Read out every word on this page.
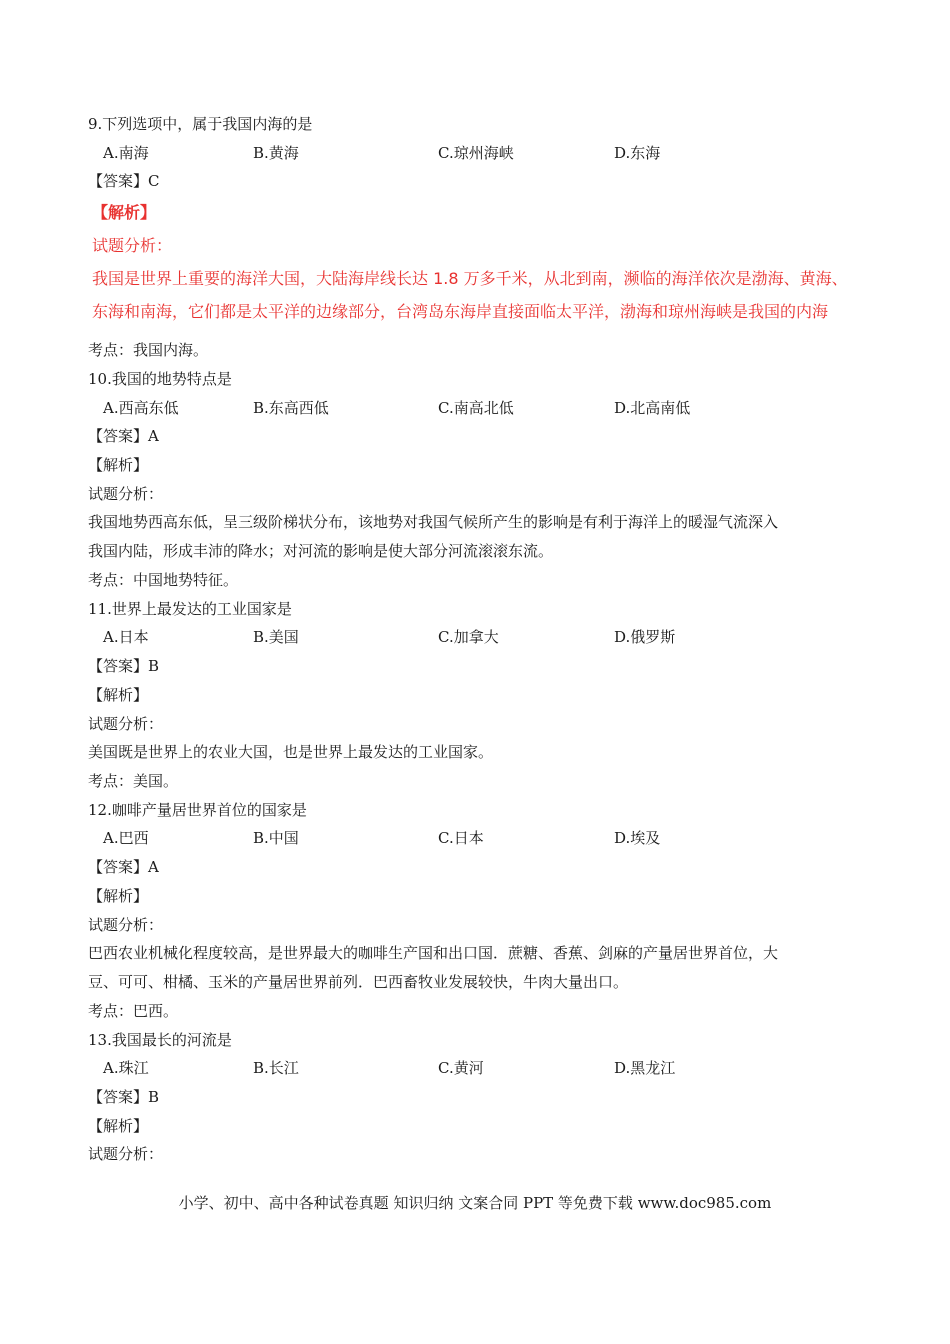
9.下列选项中，属于我国内海的是
A.南海	B.黄海	C.琼州海峡	D.东海
【答案】C
【解析】
试题分析：
我国是世界上重要的海洋大国，大陆海岸线长达 1.8 万多千米，从北到南，濒临的海洋依次是渤海、黄海、
东海和南海，它们都是太平洋的边缘部分，台湾岛东海岸直接面临太平洋，渤海和琼州海峡是我国的内海
考点：我国内海。
10.我国的地势特点是
A.西高东低	B.东高西低	C.南高北低	D.北高南低
【答案】A
【解析】
试题分析：
我国地势西高东低，呈三级阶梯状分布，该地势对我国气候所产生的影响是有利于海洋上的暖湿气流深入
我国内陆，形成丰沛的降水；对河流的影响是使大部分河流滚滚东流。
考点：中国地势特征。
11.世界上最发达的工业国家是
A.日本	B.美国	C.加拿大	D.俄罗斯
【答案】B
【解析】
试题分析：
美国既是世界上的农业大国，也是世界上最发达的工业国家。
考点：美国。
12.咖啡产量居世界首位的国家是
A.巴西	B.中国	C.日本	D.埃及
【答案】A
【解析】
试题分析：
巴西农业机械化程度较高，是世界最大的咖啡生产国和出口国．蔗糖、香蕉、剑麻的产量居世界首位，大
豆、可可、柑橘、玉米的产量居世界前列．巴西畜牧业发展较快，牛肉大量出口。
考点：巴西。
13.我国最长的河流是
A.珠江	B.长江	C.黄河	D.黑龙江
【答案】B
【解析】
试题分析：
小学、初中、高中各种试卷真题 知识归纳 文案合同 PPT 等免费下载 www.doc985.com
